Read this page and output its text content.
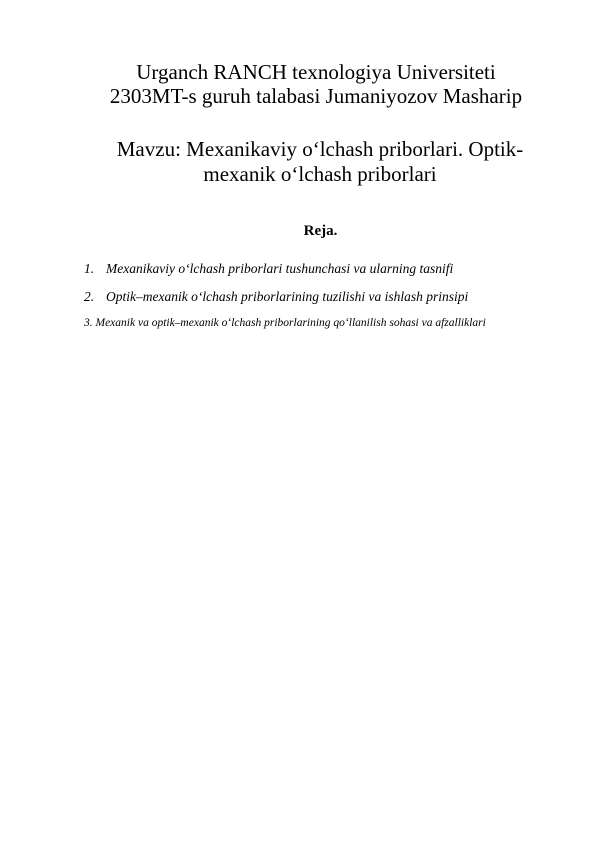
Urganch RANCH texnologiya Universiteti

2303MT-s guruh talabasi Jumaniyozov Masharip

Mavzu: Mexanikaviy o‘lchash priborlari. Optik-mexanik o‘lchash priborlari

Reja.

1. Mexanikaviy o‘lchash priborlari tushunchasi va ularning tasnifi
2. Optik–mexanik o‘lchash priborlarining tuzilishi va ishlash prinsipi
3. Mexanik va optik–mexanik o‘lchash priborlarining qo‘llanilish sohasi va afzalliklari
